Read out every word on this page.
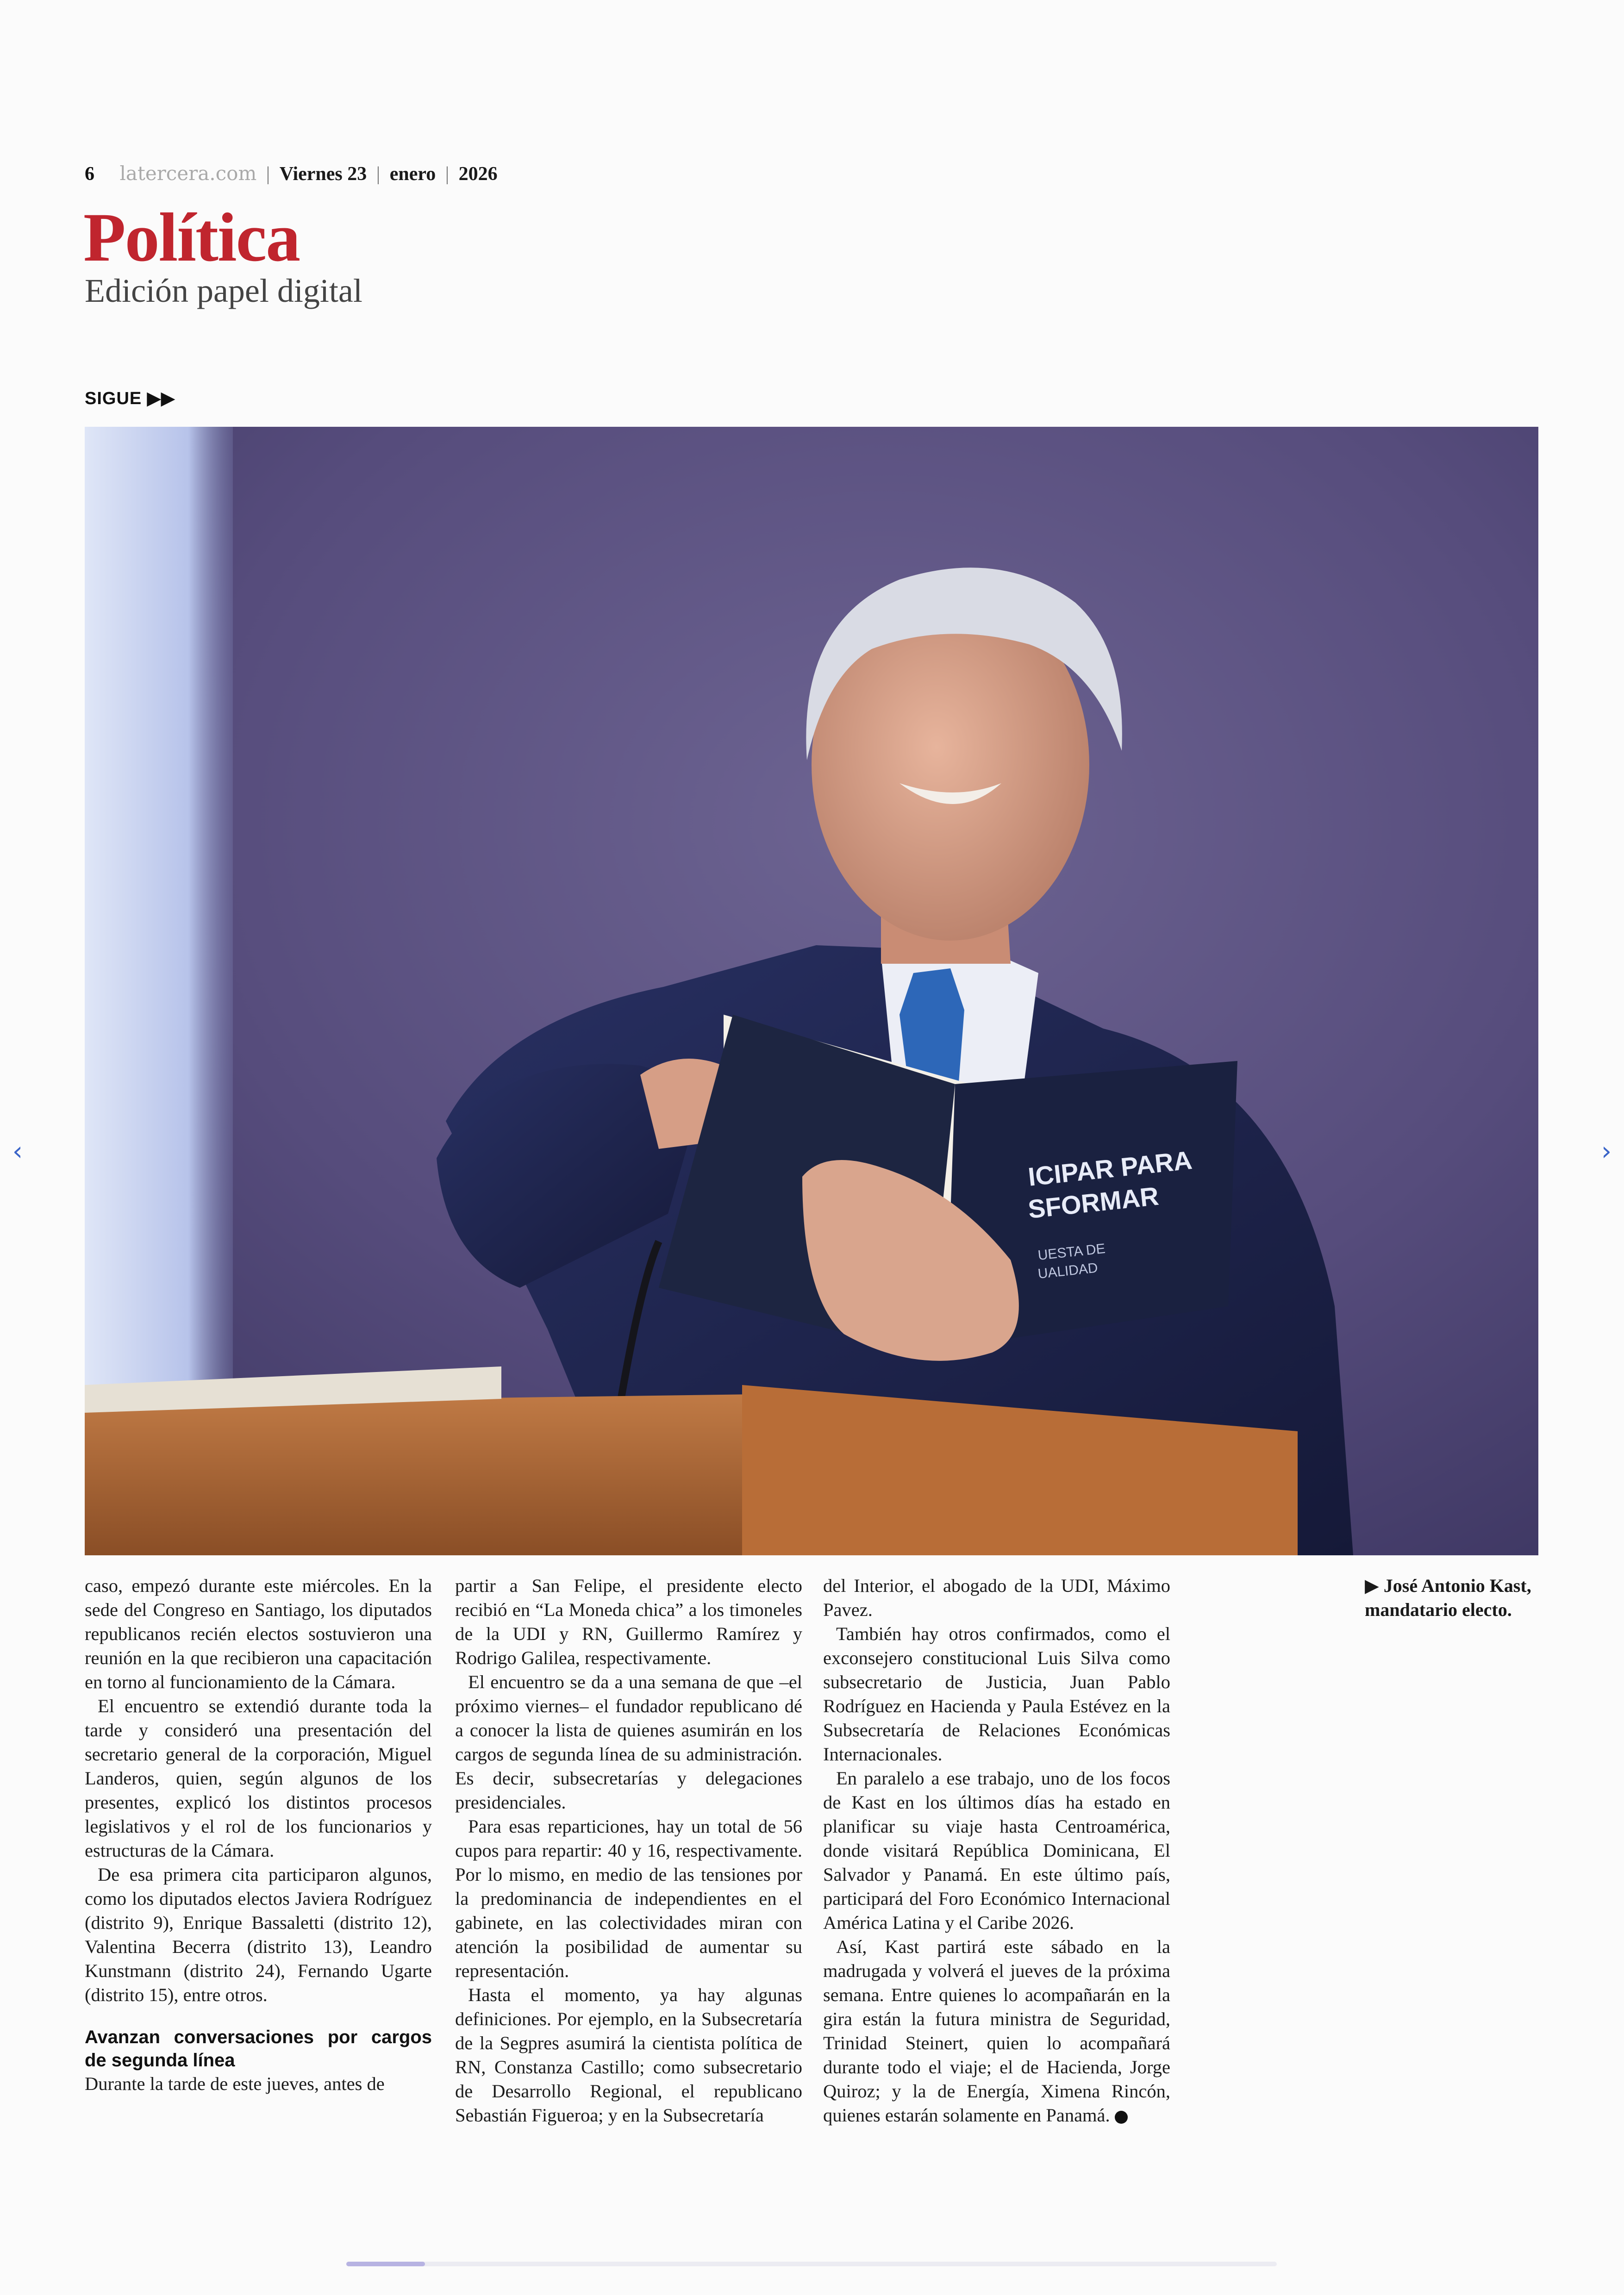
6 latercera.com | Viernes 23 | enero | 2026
Política
Edición papel digital
SIGUE ▶▶
ICIPAR PARA
SFORMAR
UESTA DE
UALIDAD

caso, empezó durante este miércoles. En la sede del Congreso en Santiago, los diputados republicanos recién electos sostuvieron una reunión en la que recibieron una capacitación en torno al funcionamiento de la Cámara.

El encuentro se extendió durante toda la tarde y consideró una presentación del secretario general de la corporación, Miguel Landeros, quien, según algunos de los presentes, explicó los distintos procesos legislativos y el rol de los funcionarios y estructuras de la Cámara.

De esa primera cita participaron algunos, como los diputados electos Javiera Rodríguez (distrito 9), Enrique Bassaletti (distrito 12), Valentina Becerra (distrito 13), Leandro Kunstmann (distrito 24), Fernando Ugarte (distrito 15), entre otros.

Avanzan conversaciones por cargos de segunda línea

Durante la tarde de este jueves, antes de

partir a San Felipe, el presidente electo recibió en “La Moneda chica” a los timoneles de la UDI y RN, Guillermo Ramírez y Rodrigo Galilea, respectivamente.

El encuentro se da a una semana de que –el próximo viernes– el fundador republicano dé a conocer la lista de quienes asumirán en los cargos de segunda línea de su administración. Es decir, subsecretarías y delegaciones presidenciales.

Para esas reparticiones, hay un total de 56 cupos para repartir: 40 y 16, respectivamente. Por lo mismo, en medio de las tensiones por la predominancia de independientes en el gabinete, en las colectividades miran con atención la posibilidad de aumentar su representación.

Hasta el momento, ya hay algunas definiciones. Por ejemplo, en la Subsecretaría de la Segpres asumirá la cientista política de RN, Constanza Castillo; como subsecretario de Desarrollo Regional, el republicano Sebastián Figueroa; y en la Subsecretaría

del Interior, el abogado de la UDI, Máximo Pavez.

También hay otros confirmados, como el exconsejero constitucional Luis Silva como subsecretario de Justicia, Juan Pablo Rodríguez en Hacienda y Paula Estévez en la Subsecretaría de Relaciones Económicas Internacionales.

En paralelo a ese trabajo, uno de los focos de Kast en los últimos días ha estado en planificar su viaje hasta Centroamérica, donde visitará República Dominicana, El Salvador y Panamá. En este último país, participará del Foro Económico Internacional América Latina y el Caribe 2026.

Así, Kast partirá este sábado en la madrugada y volverá el jueves de la próxima semana. Entre quienes lo acompañarán en la gira están la futura ministra de Seguridad, Trinidad Steinert, quien lo acompañará durante todo el viaje; el de Hacienda, Jorge Quiroz; y la de Energía, Ximena Rincón, quienes estarán solamente en Panamá.

▶ José Antonio Kast, mandatario electo.
‹	›
